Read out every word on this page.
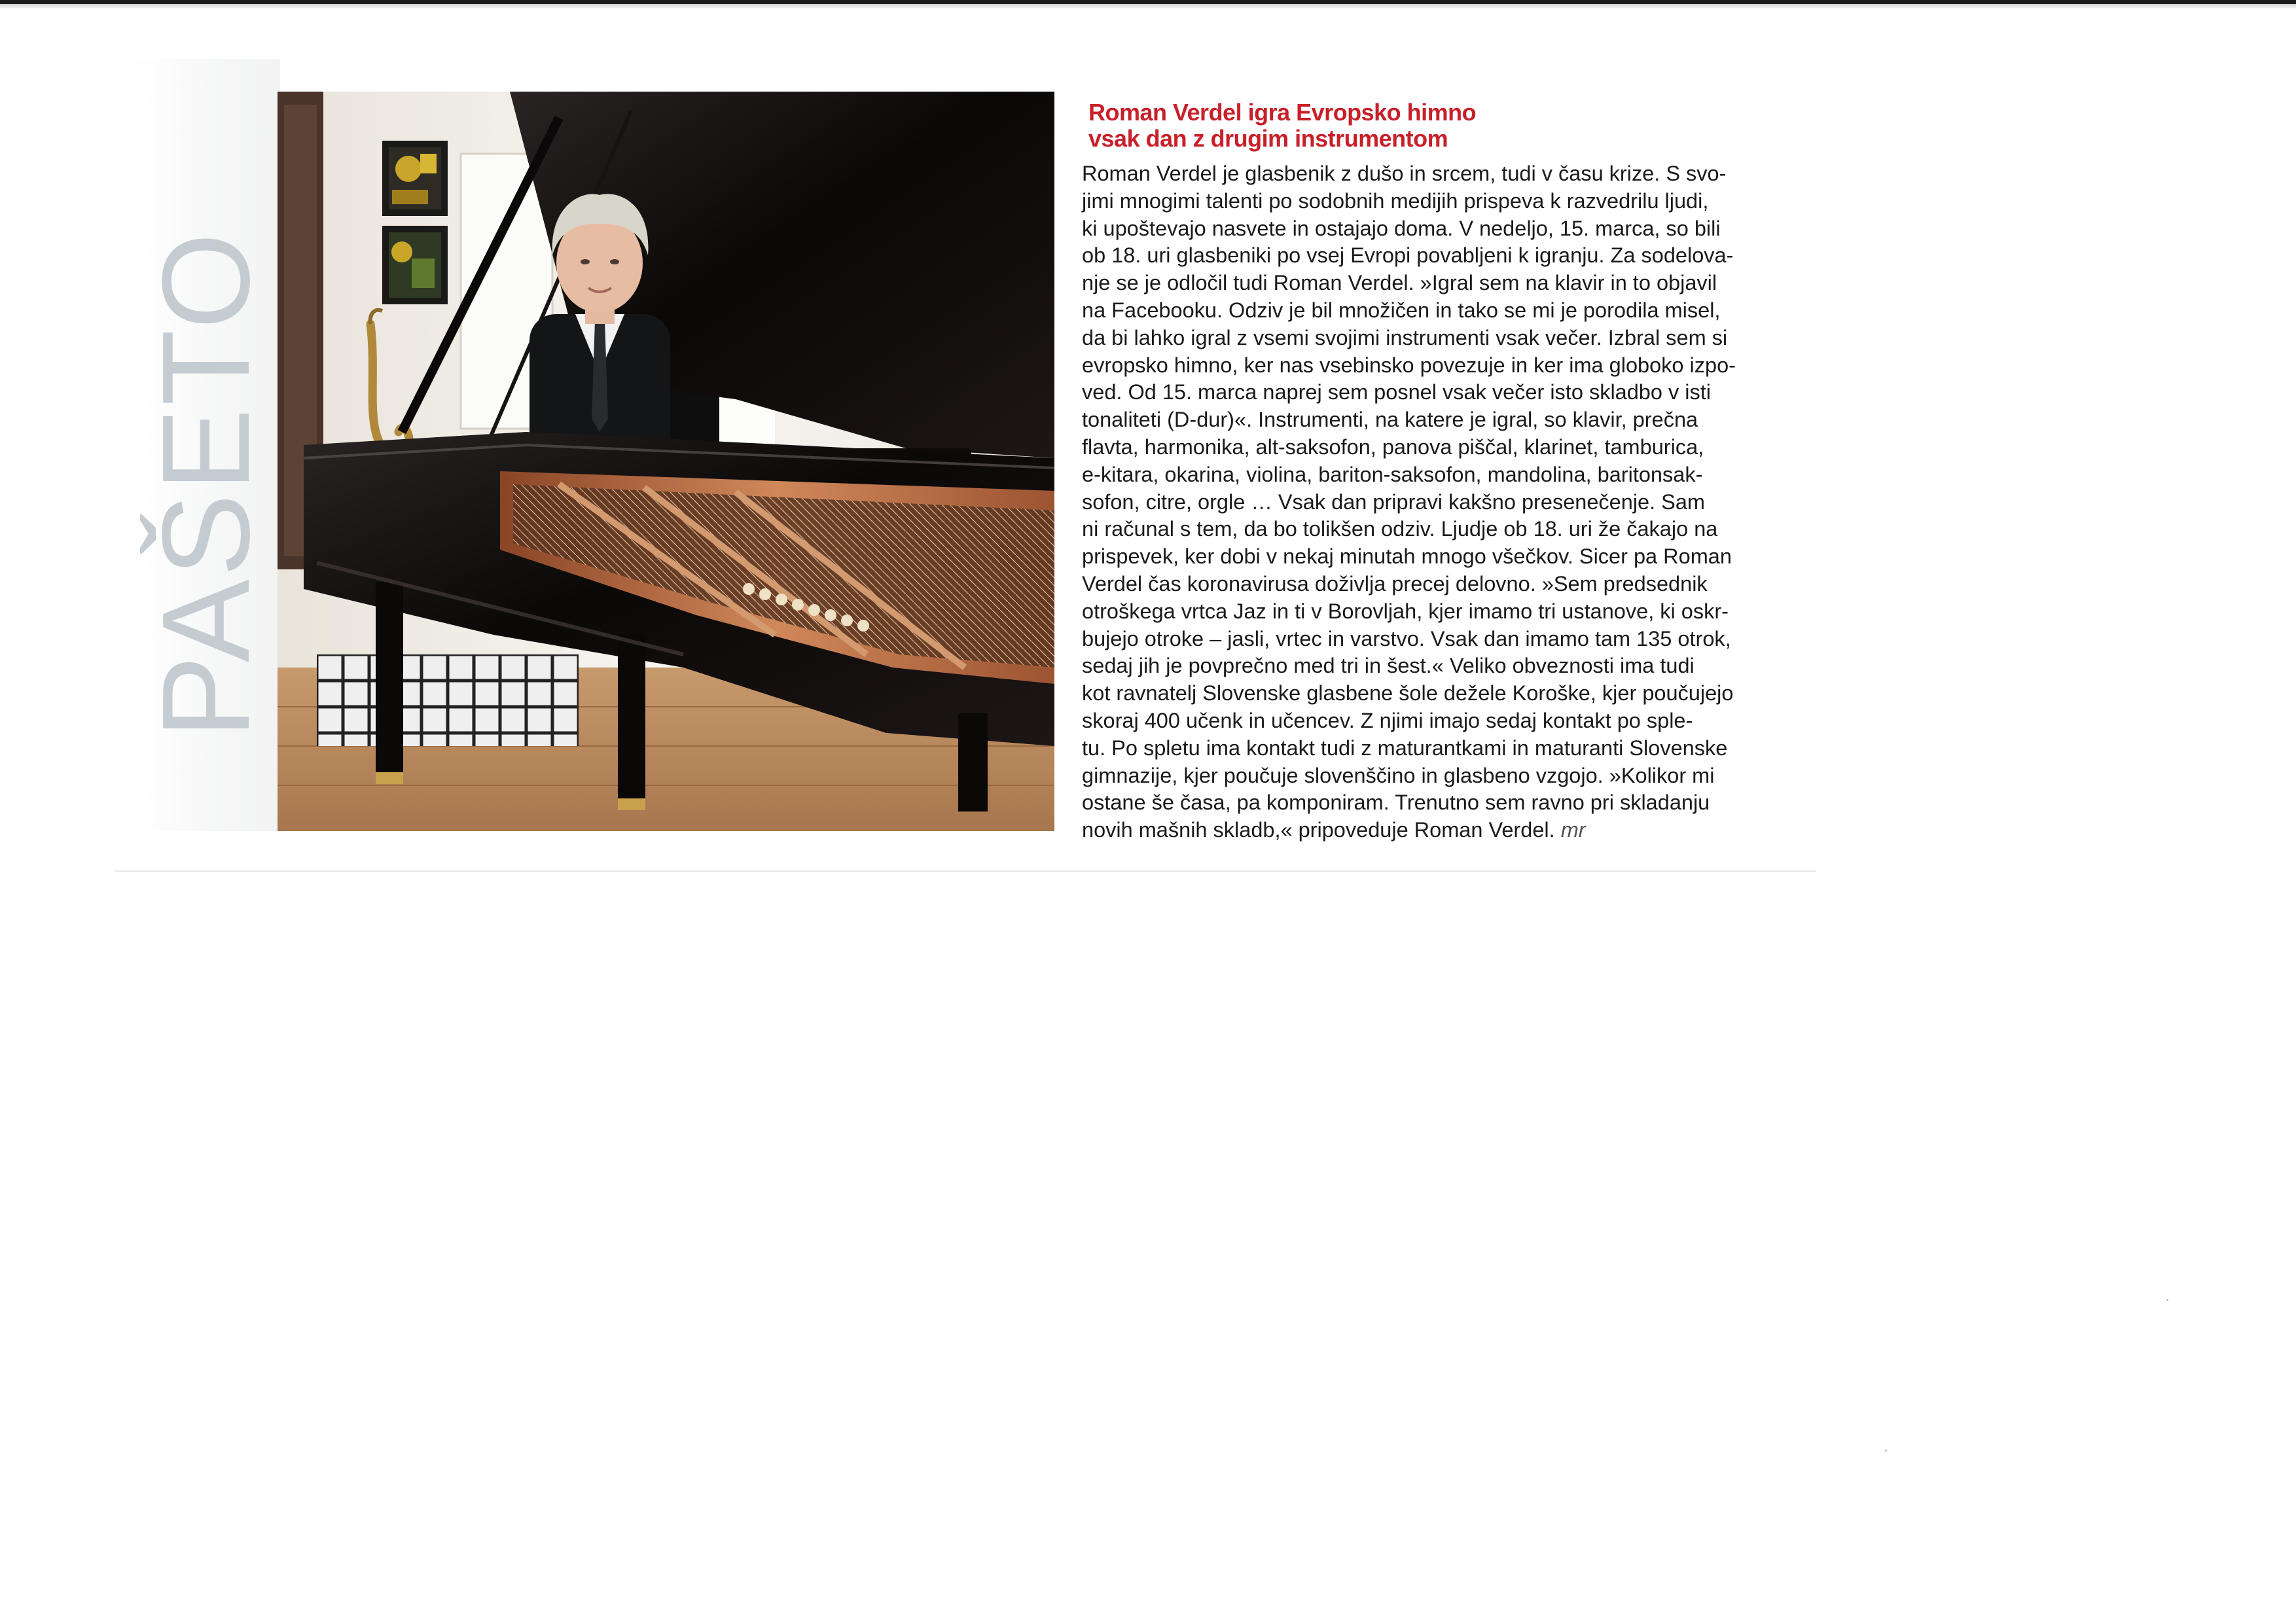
PAŠETO
Roman Verdel igra Evropsko himno
vsak dan z drugim instrumentom
Roman Verdel je glasbenik z dušo in srcem, tudi v času krize. S svo-
jimi mnogimi talenti po sodobnih medijih prispeva k razvedrilu ljudi,
ki upoštevajo nasvete in ostajajo doma. V nedeljo, 15. marca, so bili
ob 18. uri glasbeniki po vsej Evropi povabljeni k igranju. Za sodelova-
nje se je odločil tudi Roman Verdel. »Igral sem na klavir in to objavil
na Facebooku. Odziv je bil množičen in tako se mi je porodila misel,
da bi lahko igral z vsemi svojimi instrumenti vsak večer. Izbral sem si
evropsko himno, ker nas vsebinsko povezuje in ker ima globoko izpo-
ved. Od 15. marca naprej sem posnel vsak večer isto skladbo v isti
tonaliteti (D-dur)«. Instrumenti, na katere je igral, so klavir, prečna
flavta, harmonika, alt-saksofon, panova piščal, klarinet, tamburica,
e-kitara, okarina, violina, bariton-saksofon, mandolina, baritonsak-
sofon, citre, orgle … Vsak dan pripravi kakšno presenečenje. Sam
ni računal s tem, da bo tolikšen odziv. Ljudje ob 18. uri že čakajo na
prispevek, ker dobi v nekaj minutah mnogo všečkov. Sicer pa Roman
Verdel čas koronavirusa doživlja precej delovno. »Sem predsednik
otroškega vrtca Jaz in ti v Borovljah, kjer imamo tri ustanove, ki oskr-
bujejo otroke – jasli, vrtec in varstvo. Vsak dan imamo tam 135 otrok,
sedaj jih je povprečno med tri in šest.« Veliko obveznosti ima tudi
kot ravnatelj Slovenske glasbene šole dežele Koroške, kjer poučujejo
skoraj 400 učenk in učencev. Z njimi imajo sedaj kontakt po sple-
tu. Po spletu ima kontakt tudi z maturantkami in maturanti Slovenske
gimnazije, kjer poučuje slovenščino in glasbeno vzgojo. »Kolikor mi
ostane še časa, pa komponiram. Trenutno sem ravno pri skladanju
novih mašnih skladb,« pripoveduje Roman Verdel. mr
